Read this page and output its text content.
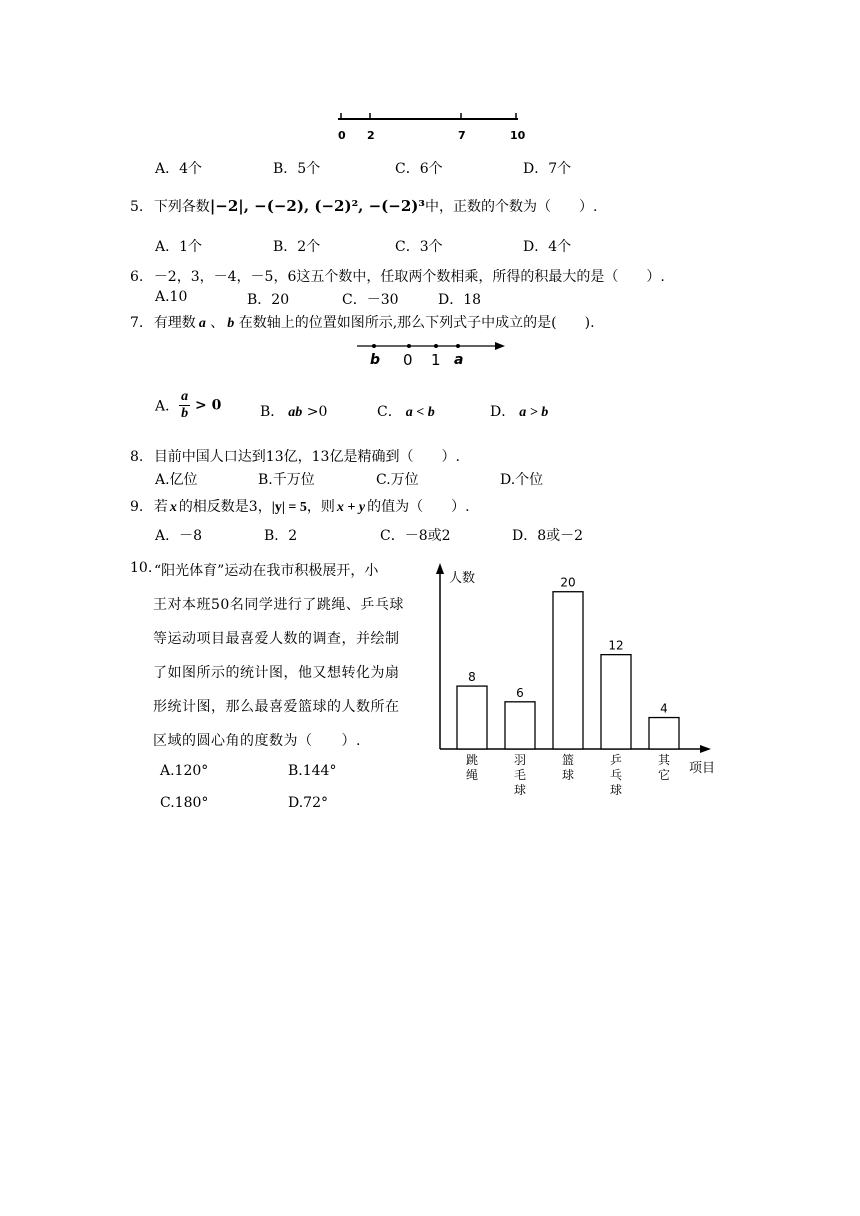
0 2	7	10
A．4个	B．5个	C．6个	D．7个
5. 下列各数|−2|, −(−2), (−2)², −(−2)³中，正数的个数为（　　）.
A．1个	B．2个	C．3个	D．4个
6. －2，3，－4，－5，6这五个数中，任取两个数相乘，所得的积最大的是（　　）.
A.10	B．20	C．－30	D．18
7. 有理数 a 、 b 在数轴上的位置如图所示,那么下列式子中成立的是(　　).
b 0 1 a
A． $\frac{a}{b} > 0$	B． ab >0	C． a < b	D． a > b
8. 目前中国人口达到13亿，13亿是精确到（　　）.
A.亿位	B.千万位	C.万位	D.个位
9. 若 x 的相反数是3，|y| = 5，则 x + y 的值为（　　）.
A．－8	B．2	C．－8或2	D．8或－2
10. “阳光体育”运动在我市积极展开，小
王对本班50名同学进行了跳绳、乒乓球
等运动项目最喜爱人数的调查，并绘制
了如图所示的统计图，他又想转化为扇
形统计图，那么最喜爱篮球的人数所在
区域的圆心角的度数为（　　）.
A.120°	B.144°
C.180°	D.72°
人数
项目
8
跳
绳
6
羽
毛
球
20
篮
球
12
乒
乓
球
4
其
它
